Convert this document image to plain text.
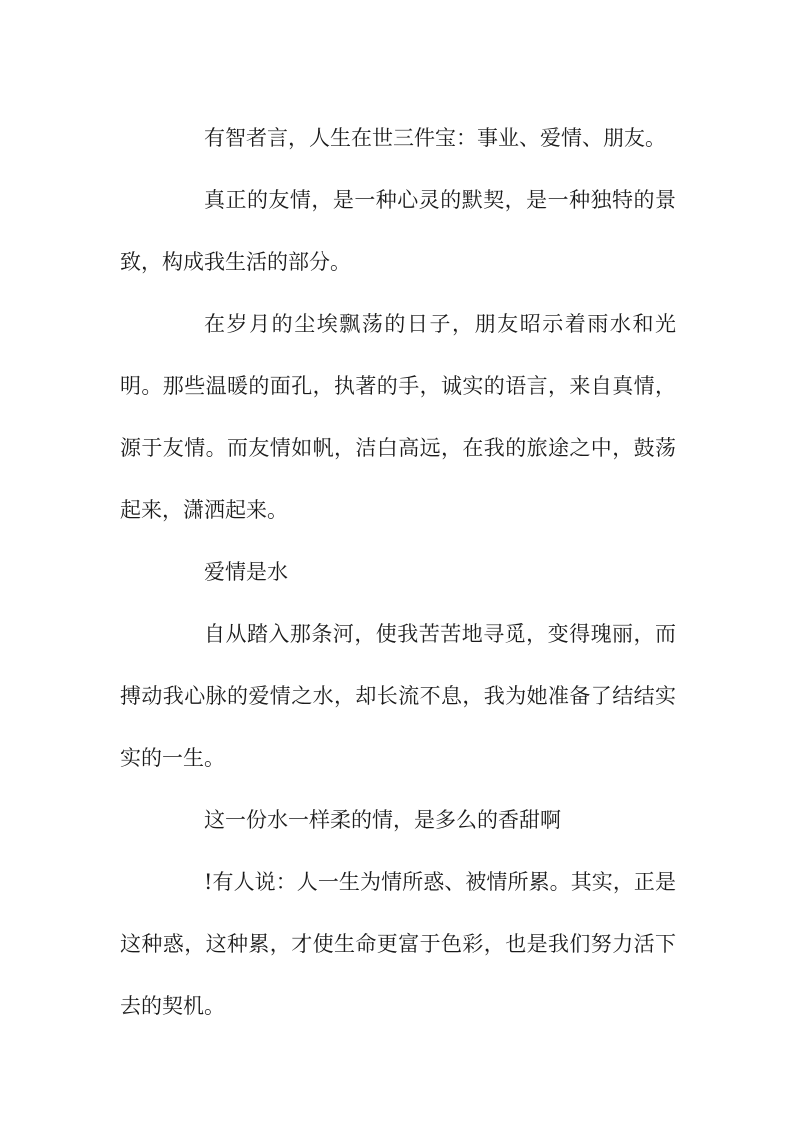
有智者言，人生在世三件宝：事业、爱情、朋友。

真正的友情，是一种心灵的默契，是一种独特的景致，构成我生活的部分。

在岁月的尘埃飘荡的日子，朋友昭示着雨水和光明。那些温暖的面孔，执著的手，诚实的语言，来自真情，源于友情。而友情如帆，洁白高远，在我的旅途之中，鼓荡起来，潇洒起来。

爱情是水

自从踏入那条河，使我苦苦地寻觅，变得瑰丽，而搏动我心脉的爱情之水，却长流不息，我为她准备了结结实实的一生。

这一份水一样柔的情，是多么的香甜啊

!有人说：人一生为情所惑、被情所累。其实，正是这种惑，这种累，才使生命更富于色彩，也是我们努力活下去的契机。
